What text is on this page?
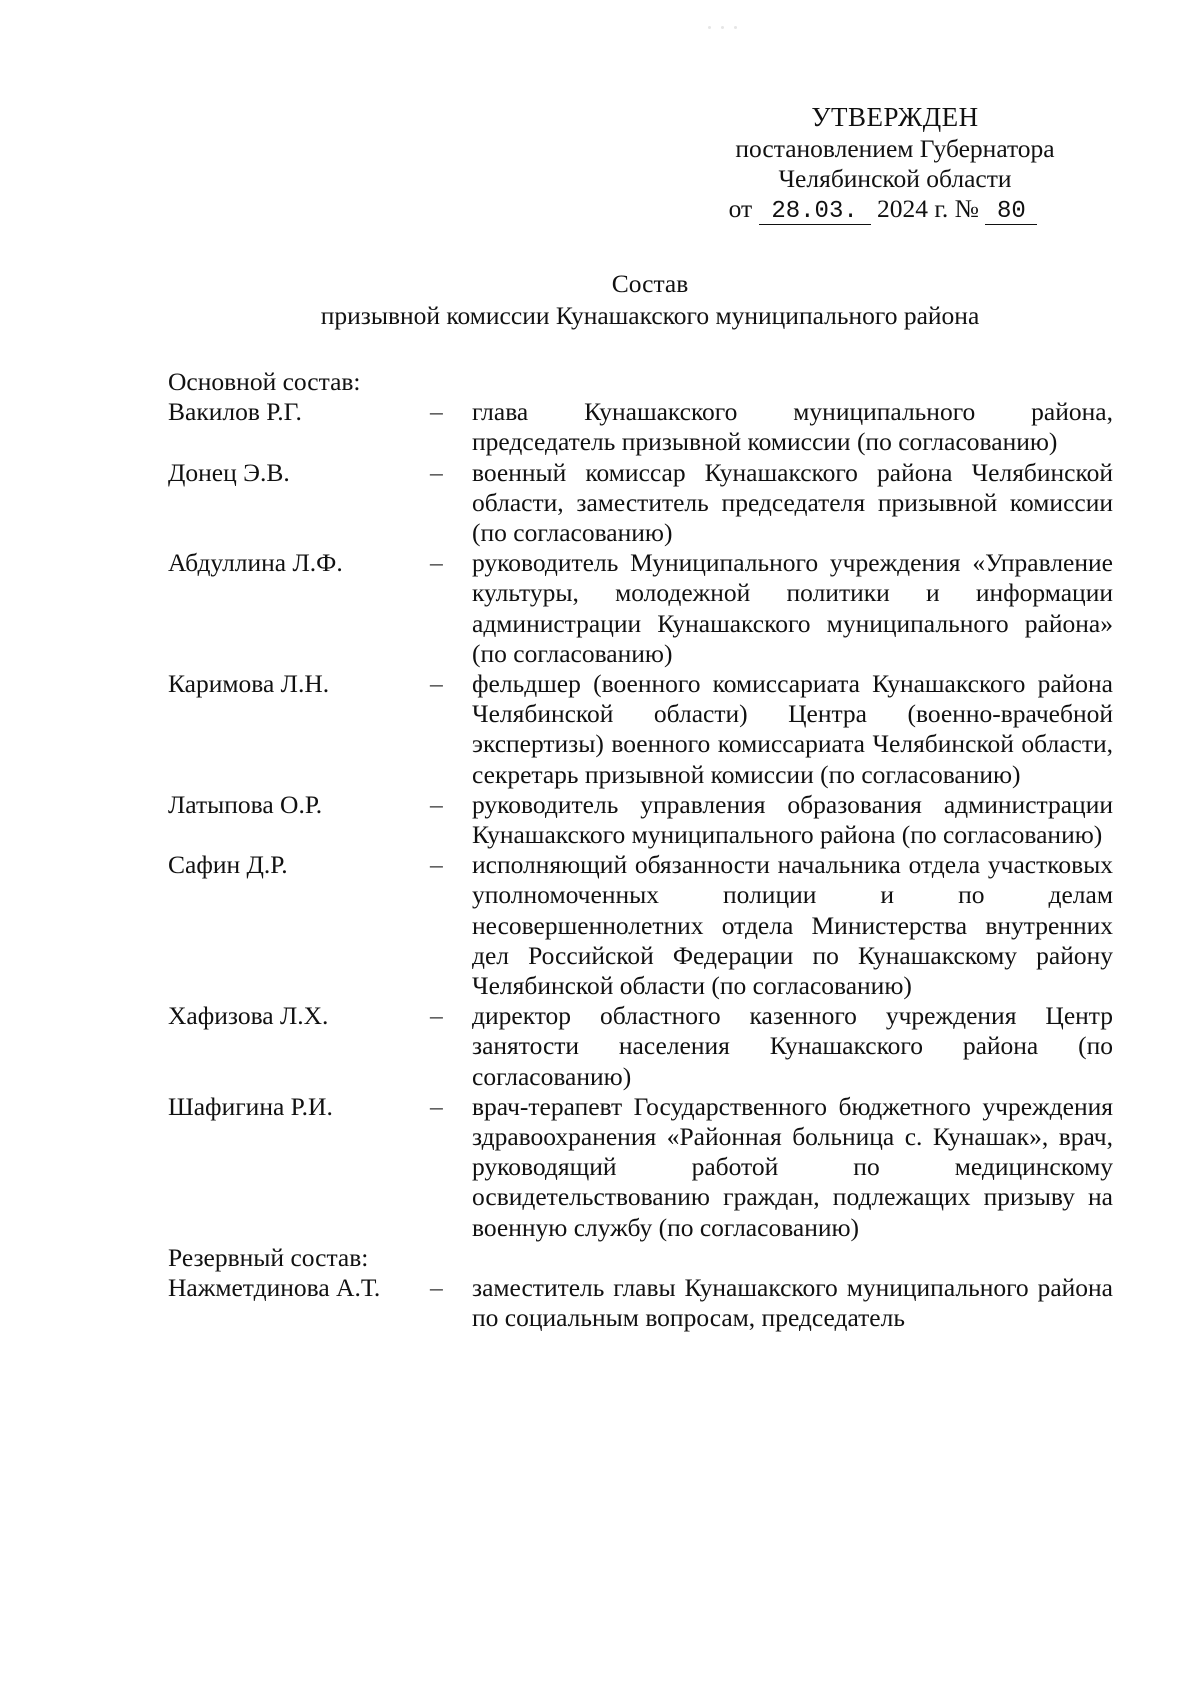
УТВЕРЖДЕН
постановлением Губернатора
Челябинской области
от 28.03. 2024 г. № 80
Состав
призывной комиссии Кунашакского муниципального района
Основной состав:
Вакилов Р.Г.	–	глава Кунашакского муниципального района, председатель призывной комиссии (по согласованию)
Донец Э.В.	–	военный комиссар Кунашакского района Челябинской области, заместитель председателя призывной комиссии (по согласованию)
Абдуллина Л.Ф.	–	руководитель Муниципального учреждения «Управление культуры, молодежной политики и информации администрации Кунашакского муниципального района» (по согласованию)
Каримова Л.Н.	–	фельдшер (военного комиссариата Кунашакского района Челябинской области) Центра (военно-врачебной экспертизы) военного комиссариата Челябинской области, секретарь призывной комиссии (по согласованию)
Латыпова О.Р.	–	руководитель управления образования администрации Кунашакского муниципального района (по согласованию)
Сафин Д.Р.	–	исполняющий обязанности начальника отдела участковых уполномоченных полиции и по делам несовершеннолетних отдела Министерства внутренних дел Российской Федерации по Кунашакскому району Челябинской области (по согласованию)
Хафизова Л.Х.	–	директор областного казенного учреждения Центр занятости населения Кунашакского района (по согласованию)
Шафигина Р.И.	–	врач-терапевт Государственного бюджетного учреждения здравоохранения «Районная больница с. Кунашак», врач, руководящий работой по медицинскому освидетельствованию граждан, подлежащих призыву на военную службу (по согласованию)
Резервный состав:
Нажметдинова А.Т.	–	заместитель главы Кунашакского муниципального района по социальным вопросам, председатель
